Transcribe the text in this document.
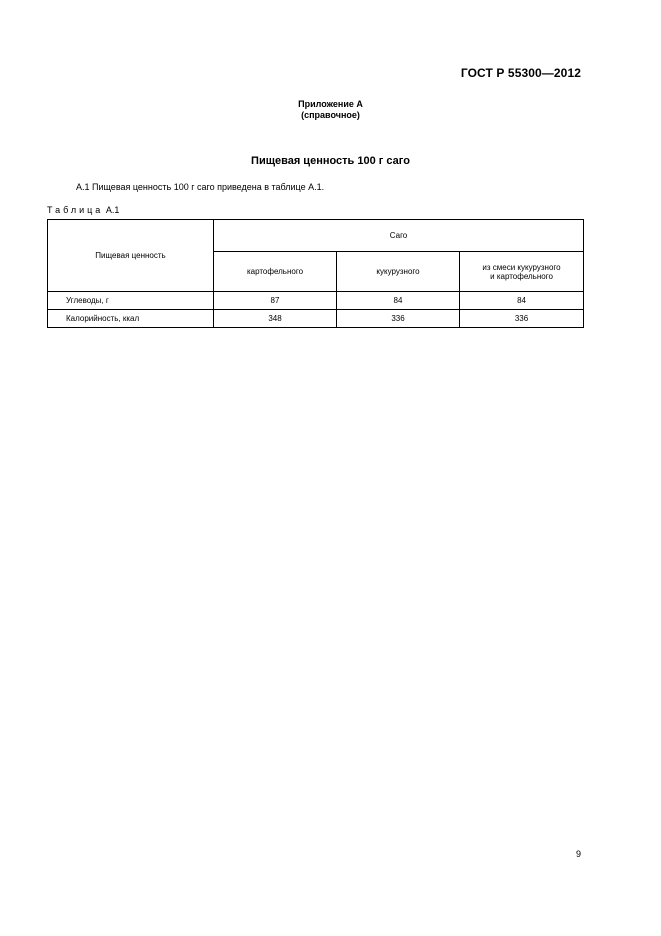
ГОСТ Р 55300—2012
Приложение А
(справочное)
Пищевая ценность 100 г саго
А.1 Пищевая ценность 100 г саго приведена в таблице А.1.
Таблица А.1
Пищевая ценность	Саго		
	картофельного	кукурузного	из смеси кукурузного
и картофельного
Углеводы, г	87	84	84
Калорийность, ккал	348	336	336
9
